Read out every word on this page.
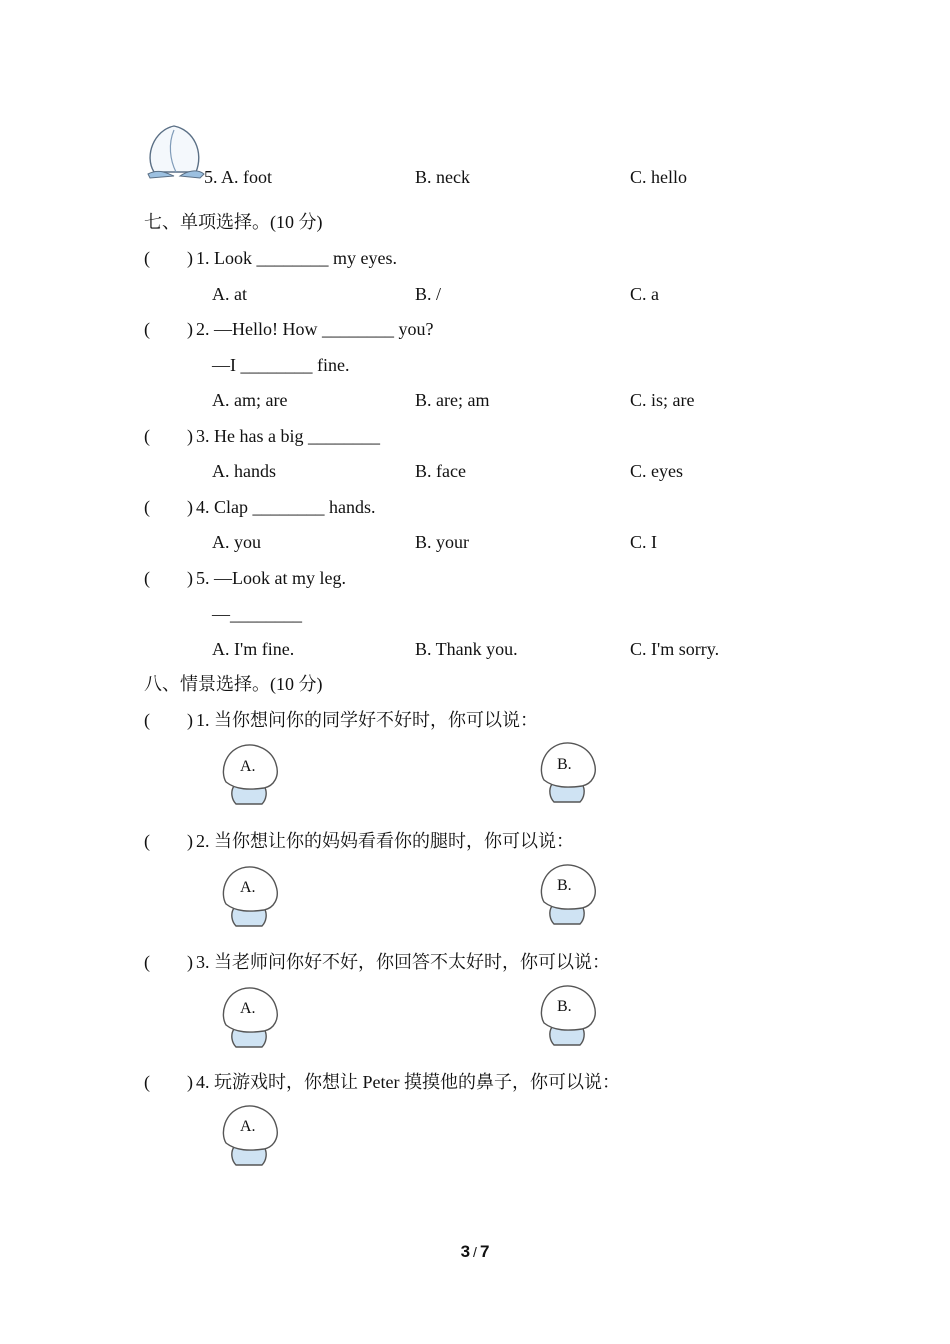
5. A. foot	B. neck	C. hello
七、单项选择。(10 分)
( ) 1. Look ________ my eyes.
A. at	B. /	C. a
( ) 2. —Hello! How ________ you?
—I ________ fine.
A. am; are	B. are; am	C. is; are
( ) 3. He has a big ________
A. hands	B. face	C. eyes
( ) 4. Clap ________ hands.
A. you	B. your	C. I
( ) 5. —Look at my leg.
—________
A. I'm fine.	B. Thank you.	C. I'm sorry.
八、情景选择。(10 分)
( ) 1. 当你想问你的同学好不好时，你可以说：
A.	B.
( ) 2. 当你想让你的妈妈看看你的腿时，你可以说：
A.	B.
( ) 3. 当老师问你好不好，你回答不太好时，你可以说：
A.	B.
( ) 4. 玩游戏时，你想让 Peter 摸摸他的鼻子，你可以说：
A.
3 / 7
